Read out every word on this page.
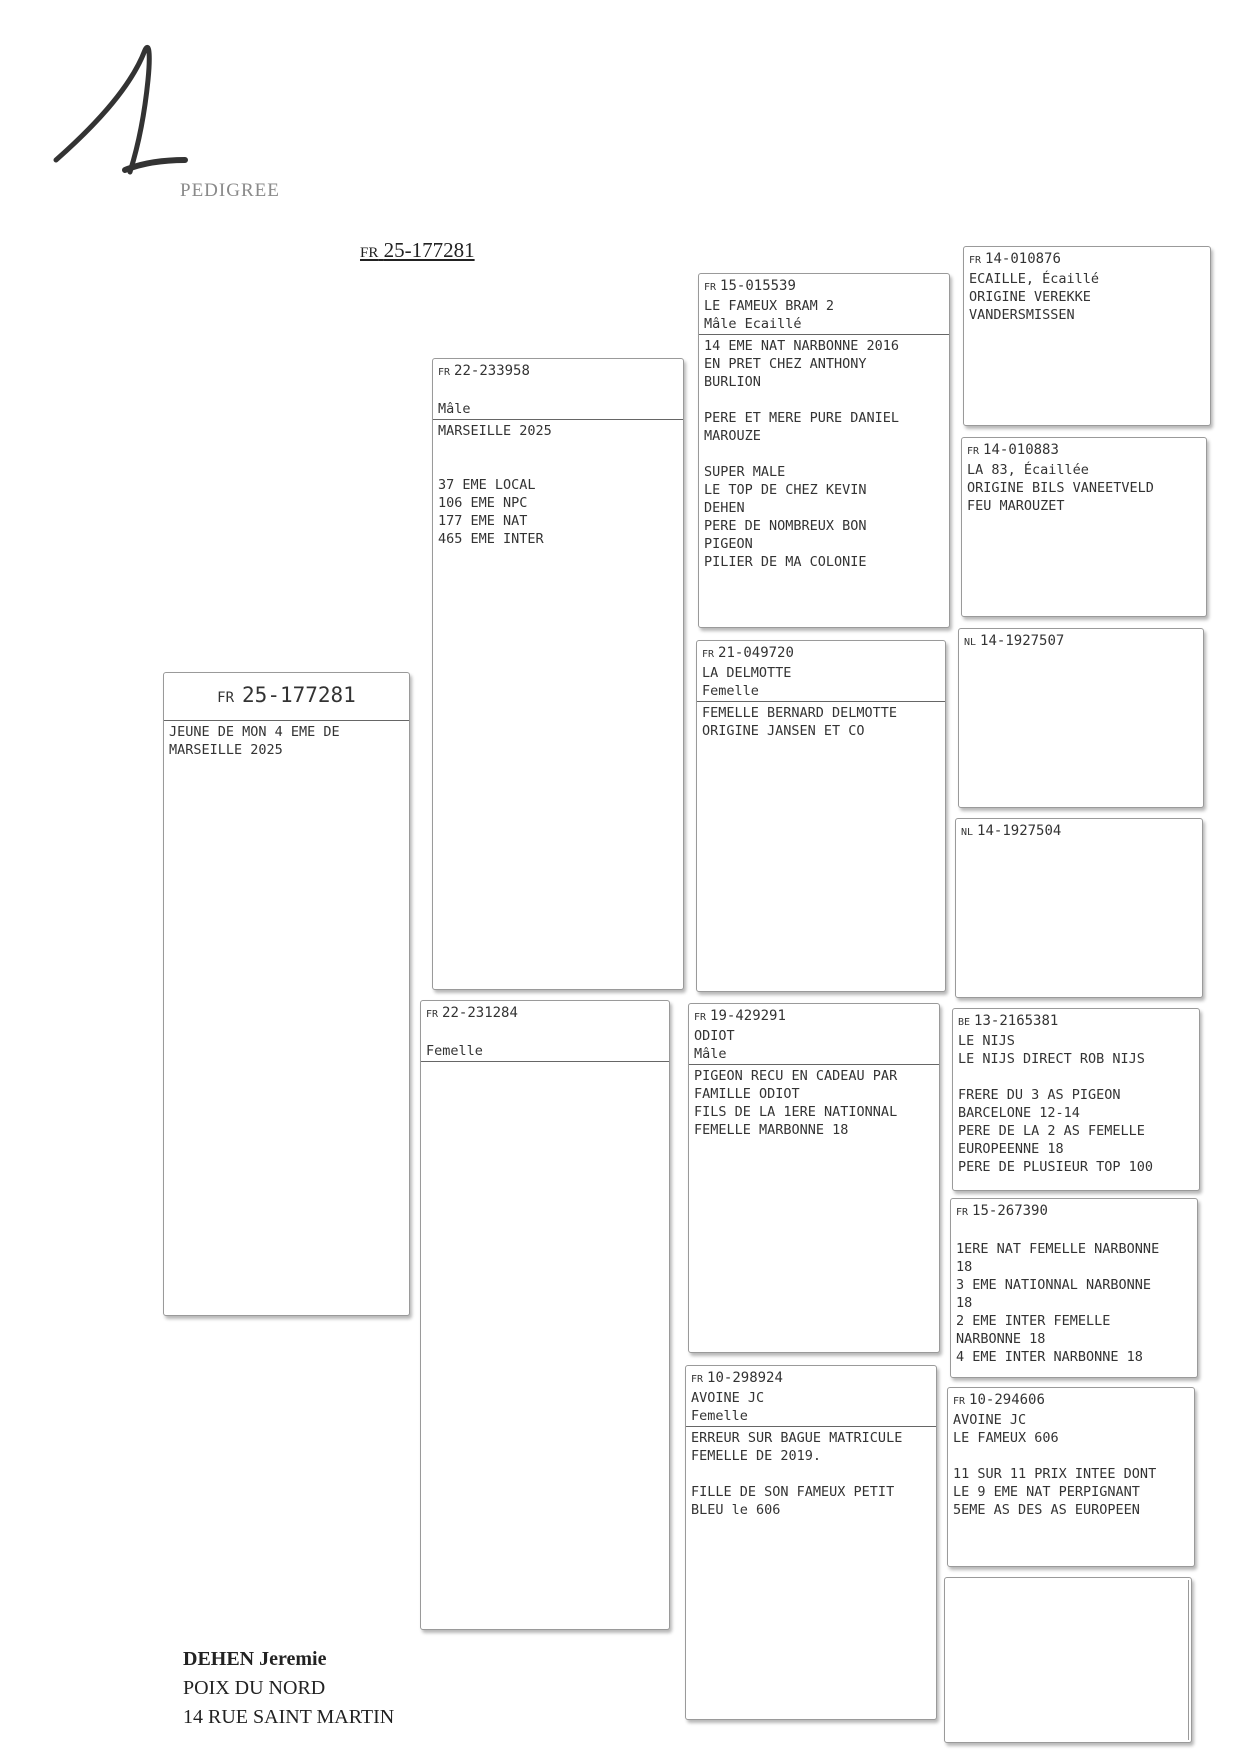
PEDIGREE
FR 25-177281
FR 25-177281
JEUNE DE MON 4 EME DE
MARSEILLE 2025
FR 22-233958
Mâle
MARSEILLE 2025
37 EME LOCAL
106 EME NPC
177 EME NAT
465 EME INTER
FR 22-231284
Femelle
FR 15-015539
LE FAMEUX BRAM 2
Mâle Ecaillé
14 EME NAT NARBONNE 2016
EN PRET CHEZ ANTHONY
BURLION
PERE ET MERE PURE DANIEL
MAROUZE
SUPER MALE
LE TOP DE CHEZ KEVIN
DEHEN
PERE DE NOMBREUX BON
PIGEON
PILIER DE MA COLONIE
FR 21-049720
LA DELMOTTE
Femelle
FEMELLE BERNARD DELMOTTE
ORIGINE JANSEN ET CO
FR 19-429291
ODIOT
Mâle
PIGEON RECU EN CADEAU PAR
FAMILLE ODIOT
FILS DE LA 1ERE NATIONNAL
FEMELLE MARBONNE 18
FR 10-298924
AVOINE JC
Femelle
ERREUR SUR BAGUE MATRICULE
FEMELLE DE 2019.
FILLE DE SON FAMEUX PETIT
BLEU le 606
FR 14-010876
ECAILLE, Écaillé
ORIGINE VEREKKE
VANDERSMISSEN
FR 14-010883
LA 83, Écaillée
ORIGINE BILS VANEETVELD
FEU MAROUZET
NL 14-1927507
NL 14-1927504
BE 13-2165381
LE NIJS
LE NIJS DIRECT ROB NIJS
FRERE DU 3 AS PIGEON
BARCELONE 12-14
PERE DE LA 2 AS FEMELLE
EUROPEENNE 18
PERE DE PLUSIEUR TOP 100
FR 15-267390
1ERE NAT FEMELLE NARBONNE
18
3 EME NATIONNAL NARBONNE
18
2 EME INTER FEMELLE
NARBONNE 18
4 EME INTER NARBONNE 18
FR 10-294606
AVOINE JC
LE FAMEUX 606
11 SUR 11 PRIX INTEE DONT
LE 9 EME NAT PERPIGNANT
5EME AS DES AS EUROPEEN
DEHEN Jeremie
POIX DU NORD
14 RUE SAINT MARTIN
